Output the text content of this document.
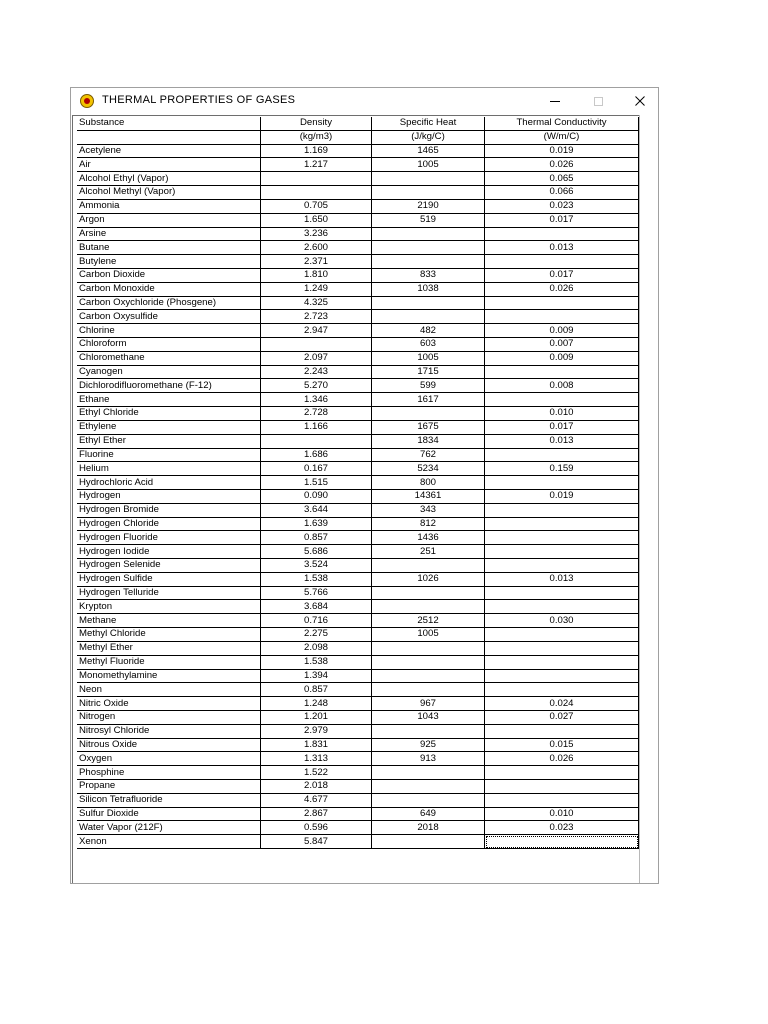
THERMAL PROPERTIES OF GASES
Substance	Density	Specific Heat	Thermal Conductivity
	(kg/m3)	(J/kg/C)	(W/m/C)
Acetylene	1.169	1465	0.019
Air	1.217	1005	0.026
Alcohol Ethyl (Vapor)			0.065
Alcohol Methyl (Vapor)			0.066
Ammonia	0.705	2190	0.023
Argon	1.650	519	0.017
Arsine	3.236		
Butane	2.600		0.013
Butylene	2.371		
Carbon Dioxide	1.810	833	0.017
Carbon Monoxide	1.249	1038	0.026
Carbon Oxychloride (Phosgene)	4.325		
Carbon Oxysulfide	2.723		
Chlorine	2.947	482	0.009
Chloroform		603	0.007
Chloromethane	2.097	1005	0.009
Cyanogen	2.243	1715	
Dichlorodifluoromethane (F-12)	5.270	599	0.008
Ethane	1.346	1617	
Ethyl Chloride	2.728		0.010
Ethylene	1.166	1675	0.017
Ethyl Ether		1834	0.013
Fluorine	1.686	762	
Helium	0.167	5234	0.159
Hydrochloric Acid	1.515	800	
Hydrogen	0.090	14361	0.019
Hydrogen Bromide	3.644	343	
Hydrogen Chloride	1.639	812	
Hydrogen Fluoride	0.857	1436	
Hydrogen Iodide	5.686	251	
Hydrogen Selenide	3.524		
Hydrogen Sulfide	1.538	1026	0.013
Hydrogen Telluride	5.766		
Krypton	3.684		
Methane	0.716	2512	0.030
Methyl Chloride	2.275	1005	
Methyl Ether	2.098		
Methyl Fluoride	1.538		
Monomethylamine	1.394		
Neon	0.857		
Nitric Oxide	1.248	967	0.024
Nitrogen	1.201	1043	0.027
Nitrosyl Chloride	2.979		
Nitrous Oxide	1.831	925	0.015
Oxygen	1.313	913	0.026
Phosphine	1.522		
Propane	2.018		
Silicon Tetrafluoride	4.677		
Sulfur Dioxide	2.867	649	0.010
Water Vapor (212F)	0.596	2018	0.023
Xenon	5.847		
